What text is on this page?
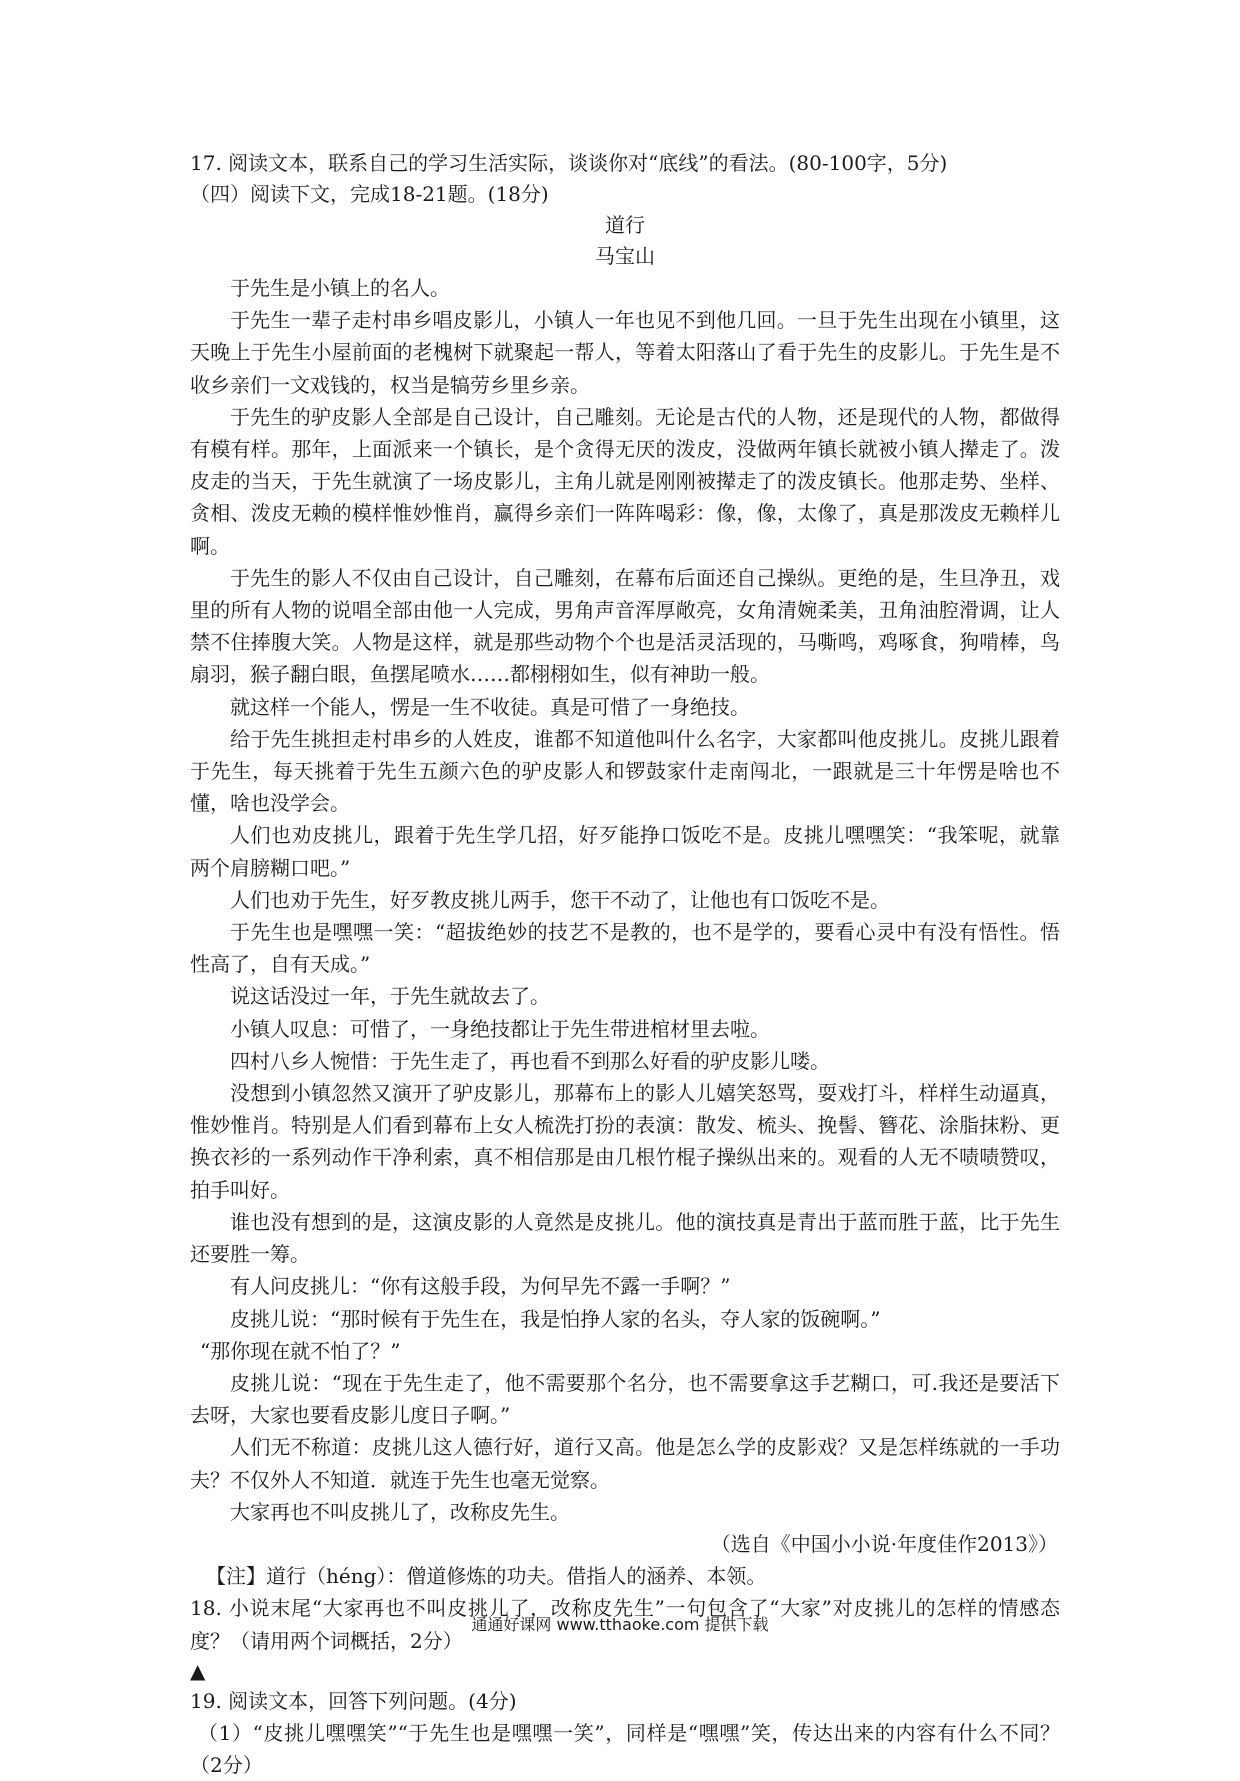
17. 阅读文本，联系自己的学习生活实际，谈谈你对“底线”的看法。(80-100字，5分)

（四）阅读下文，完成18-21题。(18分)

道行

马宝山

于先生是小镇上的名人。

于先生一辈子走村串乡唱皮影儿，小镇人一年也见不到他几回。一旦于先生出现在小镇里，这天晚上于先生小屋前面的老槐树下就聚起一帮人，等着太阳落山了看于先生的皮影儿。于先生是不收乡亲们一文戏钱的，权当是犒劳乡里乡亲。

于先生的驴皮影人全部是自己设计，自己雕刻。无论是古代的人物，还是现代的人物，都做得有模有样。那年，上面派来一个镇长，是个贪得无厌的泼皮，没做两年镇长就被小镇人撵走了。泼皮走的当天，于先生就演了一场皮影儿，主角儿就是刚刚被撵走了的泼皮镇长。他那走势、坐样、贪相、泼皮无赖的模样惟妙惟肖，赢得乡亲们一阵阵喝彩：像，像，太像了，真是那泼皮无赖样儿啊。

于先生的影人不仅由自己设计，自己雕刻，在幕布后面还自己操纵。更绝的是，生旦净丑，戏里的所有人物的说唱全部由他一人完成，男角声音浑厚敞亮，女角清婉柔美，丑角油腔滑调，让人禁不住捧腹大笑。人物是这样，就是那些动物个个也是活灵活现的，马嘶鸣，鸡啄食，狗啃棒，鸟扇羽，猴子翻白眼，鱼摆尾喷水……都栩栩如生，似有神助一般。

就这样一个能人，愣是一生不收徒。真是可惜了一身绝技。

给于先生挑担走村串乡的人姓皮，谁都不知道他叫什么名字，大家都叫他皮挑儿。皮挑儿跟着于先生，每天挑着于先生五颜六色的驴皮影人和锣鼓家什走南闯北，一跟就是三十年愣是啥也不懂，啥也没学会。

人们也劝皮挑儿，跟着于先生学几招，好歹能挣口饭吃不是。皮挑儿嘿嘿笑：“我笨呢，就靠两个肩膀糊口吧。”

人们也劝于先生，好歹教皮挑儿两手，您干不动了，让他也有口饭吃不是。

于先生也是嘿嘿一笑：“超拔绝妙的技艺不是教的，也不是学的，要看心灵中有没有悟性。悟性高了，自有天成。”

说这话没过一年，于先生就故去了。

小镇人叹息：可惜了，一身绝技都让于先生带进棺材里去啦。

四村八乡人惋惜：于先生走了，再也看不到那么好看的驴皮影儿喽。

没想到小镇忽然又演开了驴皮影儿，那幕布上的影人儿嬉笑怒骂，耍戏打斗，样样生动逼真，惟妙惟肖。特别是人们看到幕布上女人梳洗打扮的表演：散发、梳头、挽髻、簪花、涂脂抹粉、更换衣衫的一系列动作干净利索，真不相信那是由几根竹棍子操纵出来的。观看的人无不啧啧赞叹，拍手叫好。

谁也没有想到的是，这演皮影的人竟然是皮挑儿。他的演技真是青出于蓝而胜于蓝，比于先生还要胜一筹。

有人问皮挑儿：“你有这般手段，为何早先不露一手啊？”

皮挑儿说：“那时候有于先生在，我是怕挣人家的名头，夺人家的饭碗啊。”

“那你现在就不怕了？”

皮挑儿说：“现在于先生走了，他不需要那个名分，也不需要拿这手艺糊口，可.我还是要活下去呀，大家也要看皮影儿度日子啊。”

人们无不称道：皮挑儿这人德行好，道行又高。他是怎么学的皮影戏？又是怎样练就的一手功夫？不仅外人不知道．就连于先生也毫无觉察。

大家再也不叫皮挑儿了，改称皮先生。

（选自《中国小小说·年度佳作2013》）

【注】道行（héng）：僧道修炼的功夫。借指人的涵养、本领。

18. 小说末尾“大家再也不叫皮挑儿了，改称皮先生”一句包含了“大家”对皮挑儿的怎样的情感态度？（请用两个词概括，2分）

▲

19. 阅读文本，回答下列问题。(4分)

（1）“皮挑儿嘿嘿笑”“于先生也是嘿嘿一笑”，同样是“嘿嘿”笑，传达出来的内容有什么不同？（2分）

通通好课网 www.tthaoke.com 提供下载
